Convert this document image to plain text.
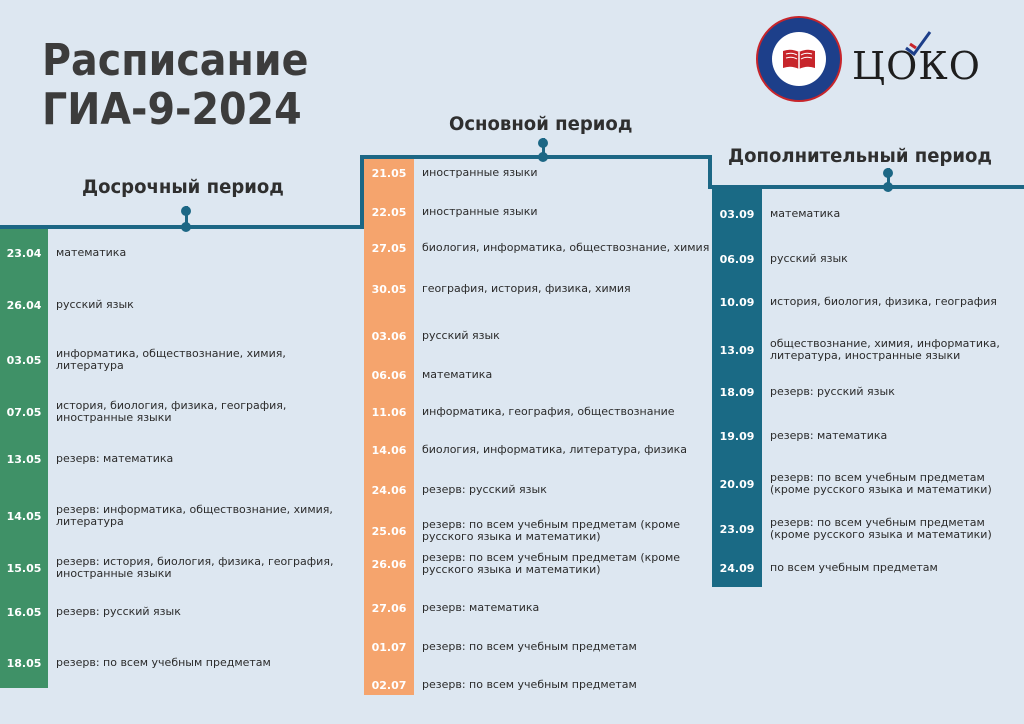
Расписание
ГИА-9-2024
ЦОКО
Досрочный период
Основной период
Дополнительный период
23.04	математика
26.04	русский язык
03.05	информатика, обществознание, химия, литература
07.05	история, биология, физика, география, иностранные языки
13.05	резерв: математика
14.05	резерв: информатика, обществознание, химия, литература
15.05	резерв: история, биология, физика, география, иностранные языки
16.05	резерв: русский язык
18.05	резерв: по всем учебным предметам
21.05	иностранные языки
22.05	иностранные языки
27.05	биология, информатика, обществознание, химия
30.05	география, история, физика, химия
03.06	русский язык
06.06	математика
11.06	информатика, география, обществознание
14.06	биология, информатика, литература, физика
24.06	резерв: русский язык
25.06	резерв: по всем учебным предметам (кроме русского языка и математики)
26.06	резерв: по всем учебным предметам (кроме русского языка и математики)
27.06	резерв: математика
01.07	резерв: по всем учебным предметам
02.07	резерв: по всем учебным предметам
03.09	математика
06.09	русский язык
10.09	история, биология, физика, география
13.09	обществознание, химия, информатика, литература, иностранные языки
18.09	резерв: русский язык
19.09	резерв: математика
20.09	резерв: по всем учебным предметам (кроме русского языка и математики)
23.09	резерв: по всем учебным предметам (кроме русского языка и математики)
24.09	по всем учебным предметам
